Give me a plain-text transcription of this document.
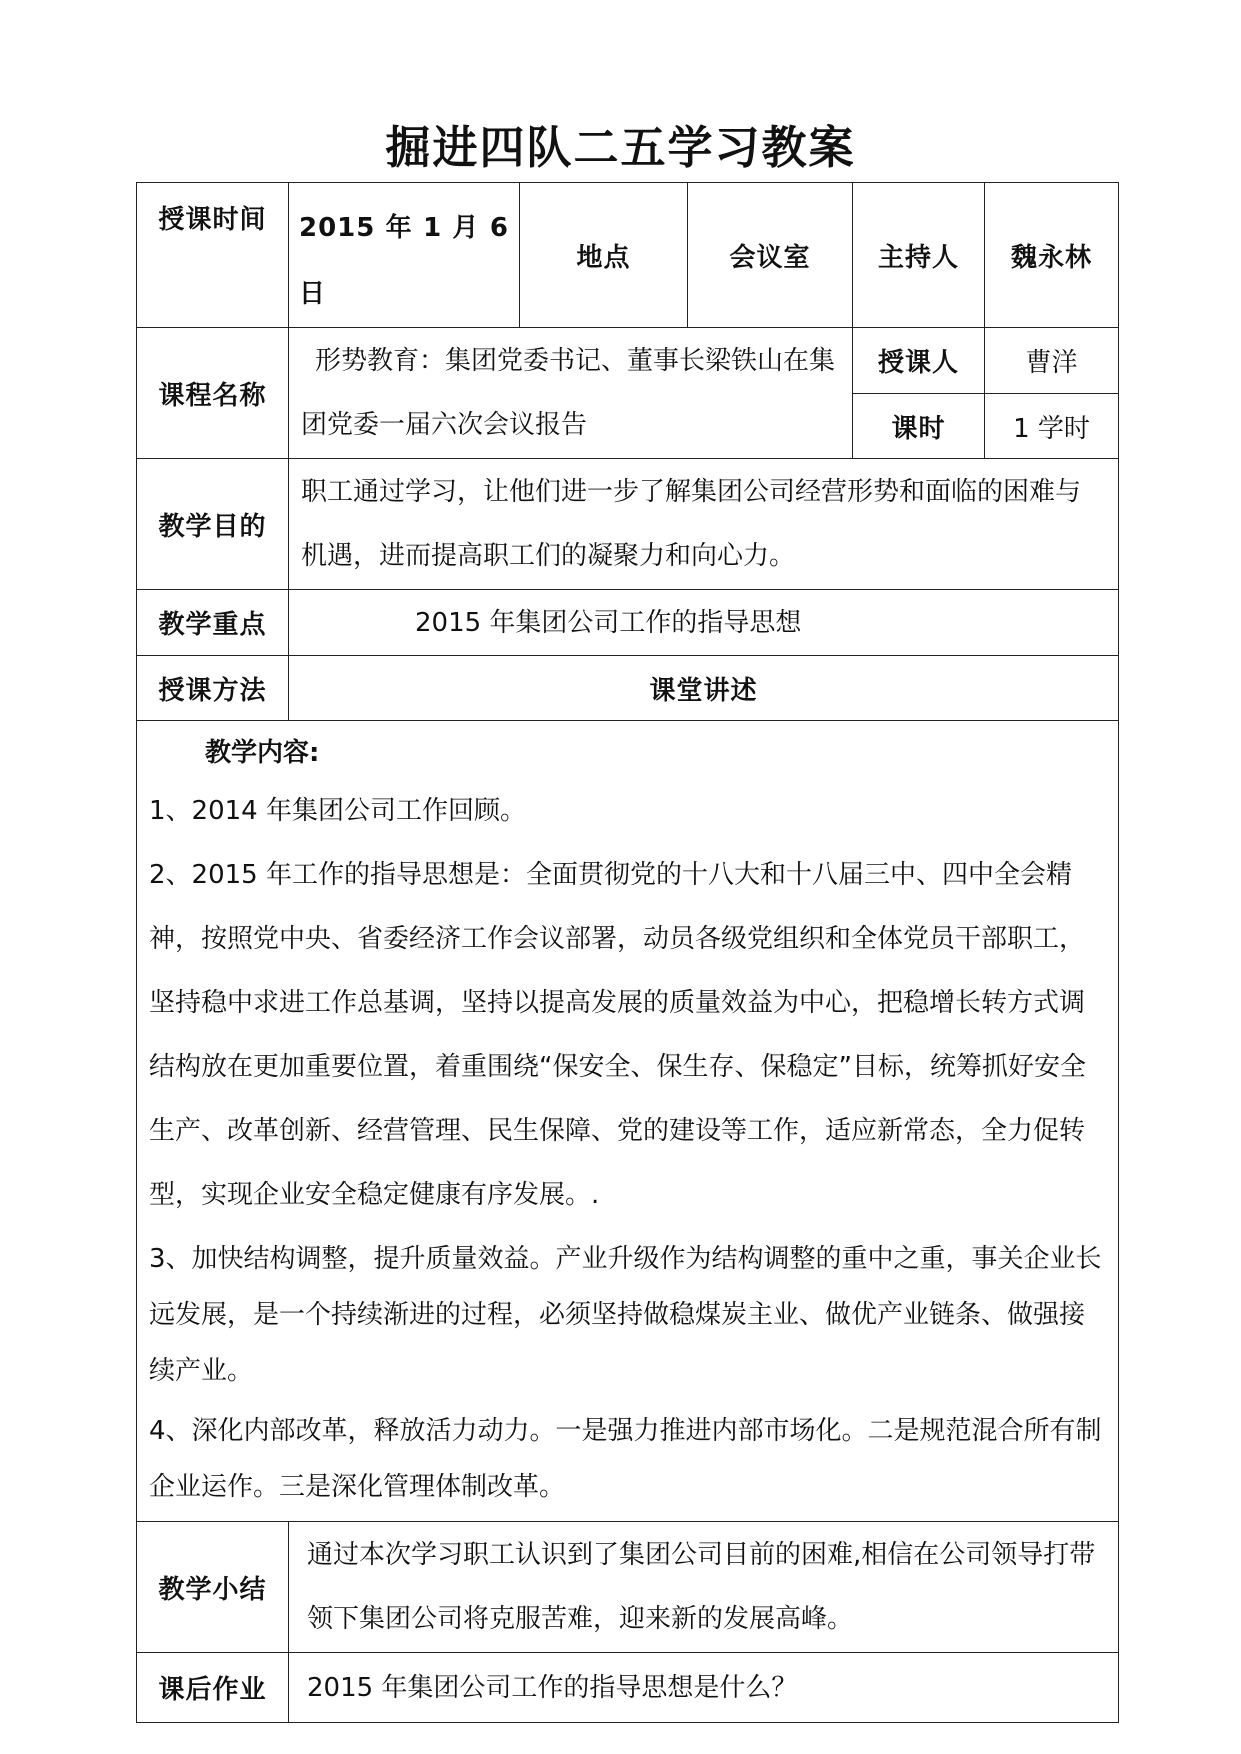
掘进四队二五学习教案
授课时间	2015 年 1 月 6 日	地点	会议室	主持人	魏永林
课程名称	形势教育：集团党委书记、董事长梁铁山在集团党委一届六次会议报告			授课人	曹洋
				课时	1 学时
教学目的	职工通过学习，让他们进一步了解集团公司经营形势和面临的困难与机遇，进而提高职工们的凝聚力和向心力。				
教学重点	2015 年集团公司工作的指导思想				
授课方法	课堂讲述				

教学内容:

1、2014 年集团公司工作回顾。

2、2015 年工作的指导思想是：全面贯彻党的十八大和十八届三中、四中全会精神，按照党中央、省委经济工作会议部署，动员各级党组织和全体党员干部职工，坚持稳中求进工作总基调，坚持以提高发展的质量效益为中心，把稳增长转方式调结构放在更加重要位置，着重围绕“保安全、保生存、保稳定”目标，统筹抓好安全生产、改革创新、经营管理、民生保障、党的建设等工作，适应新常态，全力促转型，实现企业安全稳定健康有序发展。.

3、加快结构调整，提升质量效益。产业升级作为结构调整的重中之重，事关企业长远发展，是一个持续渐进的过程，必须坚持做稳煤炭主业、做优产业链条、做强接续产业。

4、深化内部改革，释放活力动力。一是强力推进内部市场化。二是规范混合所有制企业运作。三是深化管理体制改革。					

教学小结	通过本次学习职工认识到了集团公司目前的困难,相信在公司领导打带领下集团公司将克服苦难，迎来新的发展高峰。				
课后作业	2015 年集团公司工作的指导思想是什么？				
